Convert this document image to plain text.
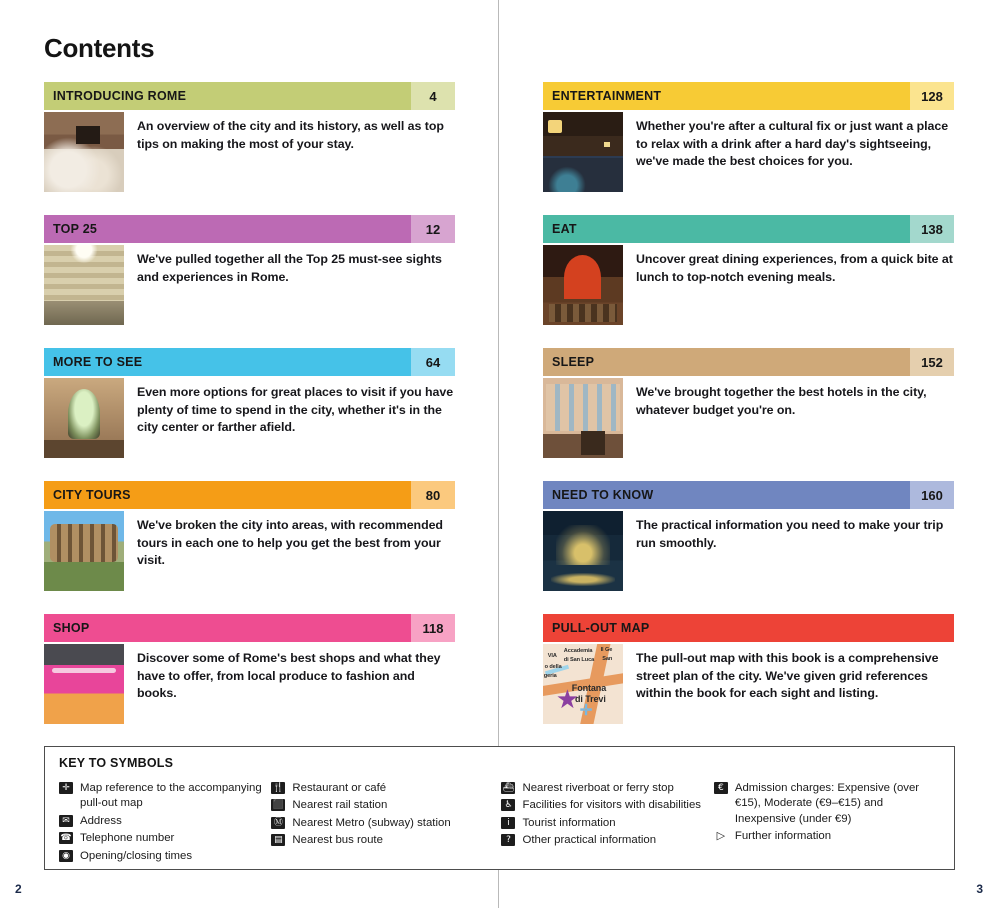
Contents
INTRODUCING ROME	4
An overview of the city and its history, as well as top tips on making the most of your stay.
TOP 25	12
We've pulled together all the Top 25 must-see sights and experiences in Rome.
MORE TO SEE	64
Even more options for great places to visit if you have plenty of time to spend in the city, whether it's in the city center or farther afield.
CITY TOURS	80
We've broken the city into areas, with recommended tours in each one to help you get the best from your visit.
SHOP	118
Discover some of Rome's best shops and what they have to offer, from local produce to fashion and books.
2
ENTERTAINMENT	128
Whether you're after a cultural fix or just want a place to relax with a drink after a hard day's sightseeing, we've made the best choices for you.
EAT	138
Uncover great dining experiences, from a quick bite at lunch to top-notch evening meals.
SLEEP	152
We've brought together the best hotels in the city, whatever budget you're on.
NEED TO KNOW	160
The practical information you need to make your trip run smoothly.
PULL-OUT MAP
★ ✛
VIA
Accademia
di San Luca
Il Ge
San
o della
geria
Fontana
di Trevi
The pull-out map with this book is a comprehensive street plan of the city. We've given grid references within the book for each sight and listing.
3
KEY TO SYMBOLS
✛ Map reference to the accompanying pull-out map
✉ Address
☎ Telephone number
◉ Opening/closing times
🍴 Restaurant or café
⬛ Nearest rail station
Ⓜ Nearest Metro (subway) station
▤ Nearest bus route
⛴ Nearest riverboat or ferry stop
♿ Facilities for visitors with disabilities
i	Tourist information
?	Other practical information
€ Admission charges: Expensive (over €15), Moderate (€9–€15) and Inexpensive (under €9)
▷ Further information
